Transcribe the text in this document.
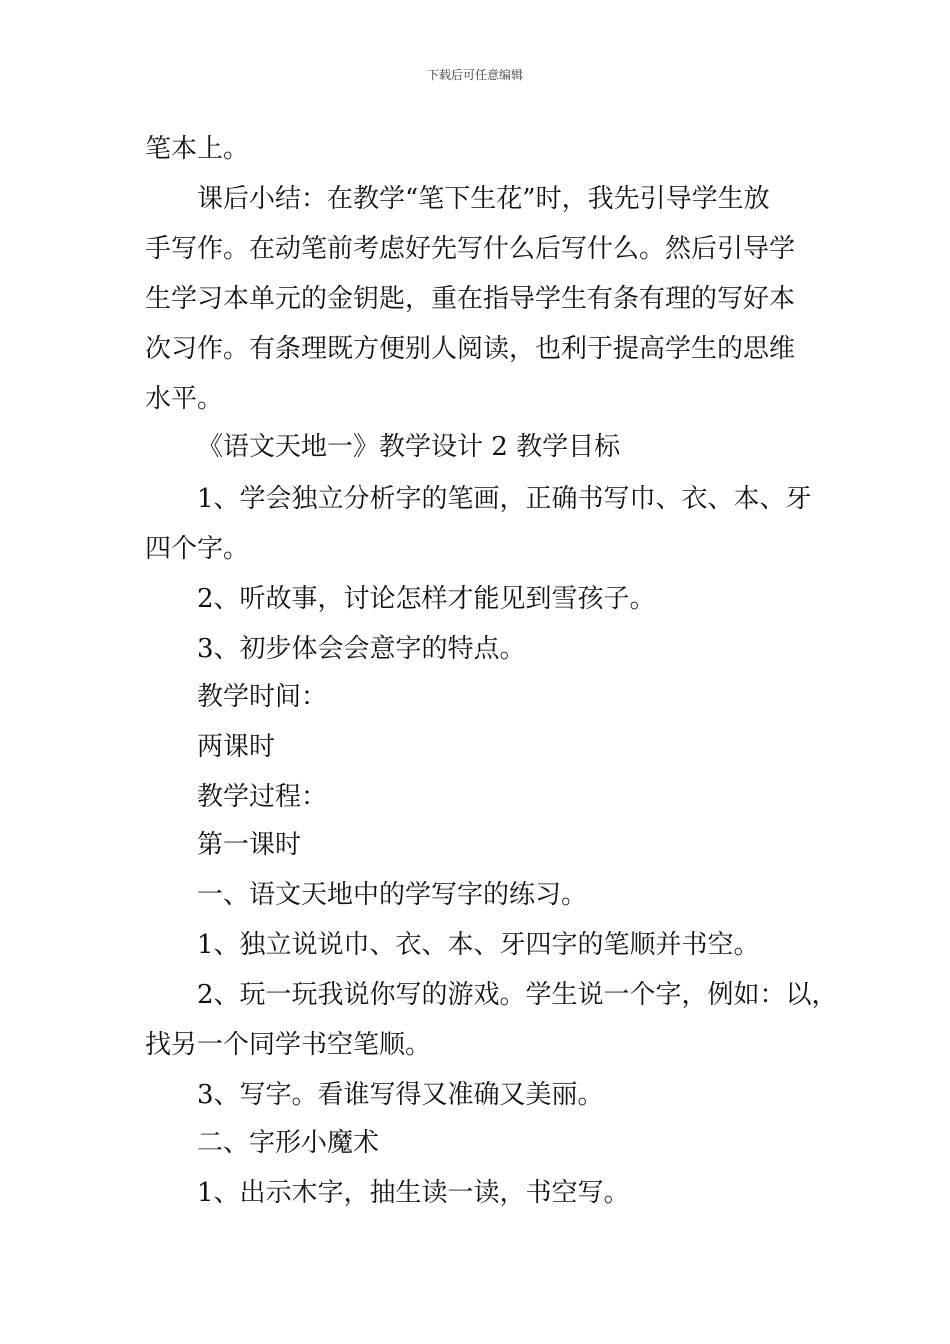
下载后可任意编辑
笔本上。
课后小结：在教学“笔下生花”时，我先引导学生放
手写作。在动笔前考虑好先写什么后写什么。然后引导学
生学习本单元的金钥匙，重在指导学生有条有理的写好本
次习作。有条理既方便别人阅读，也利于提高学生的思维
水平。
《语文天地一》教学设计 2 教学目标
1、学会独立分析字的笔画，正确书写巾、衣、本、牙
四个字。
2、听故事，讨论怎样才能见到雪孩子。
3、初步体会会意字的特点。
教学时间：
两课时
教学过程：
第一课时
一、语文天地中的学写字的练习。
1、独立说说巾、衣、本、牙四字的笔顺并书空。
2、玩一玩我说你写的游戏。学生说一个字，例如：以，
找另一个同学书空笔顺。
3、写字。看谁写得又准确又美丽。
二、字形小魔术
1、出示木字，抽生读一读，书空写。
